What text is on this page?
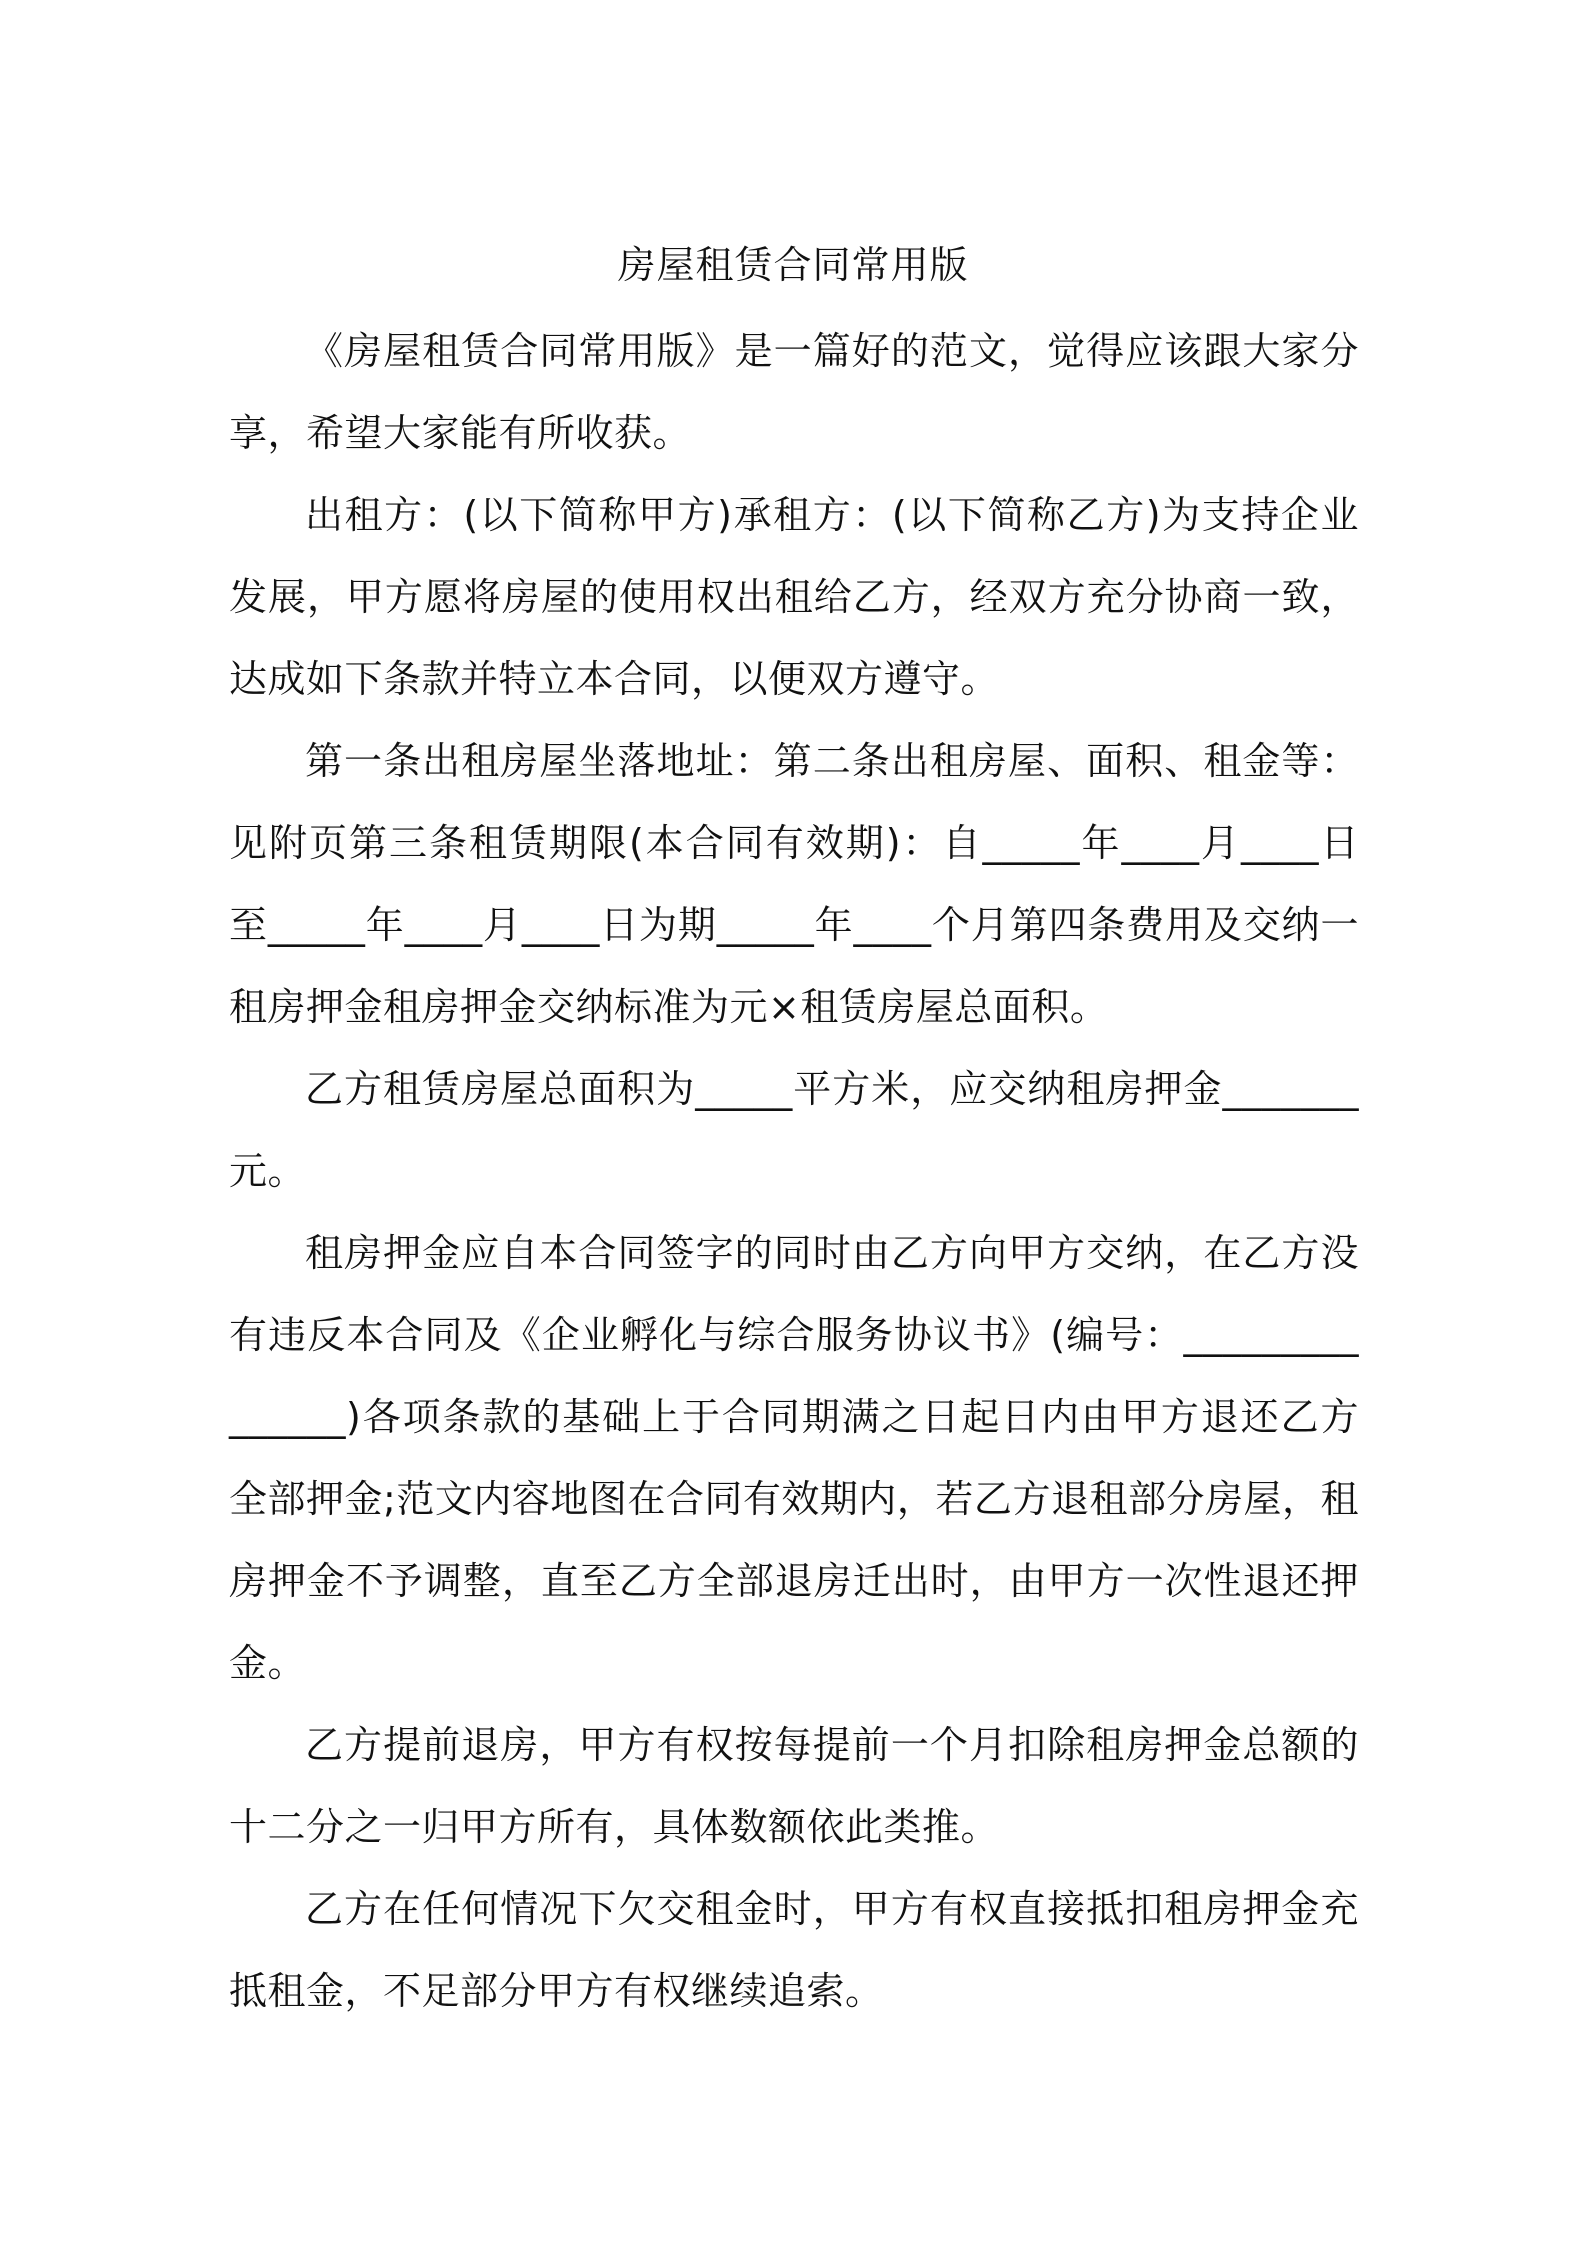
房屋租赁合同常用版

《房屋租赁合同常用版》是一篇好的范文，觉得应该跟大家分享，希望大家能有所收获。

出租方：(以下简称甲方)承租方：(以下简称乙方)为支持企业发展，甲方愿将房屋的使用权出租给乙方，经双方充分协商一致，达成如下条款并特立本合同，以便双方遵守。

第一条出租房屋坐落地址：第二条出租房屋、面积、租金等：见附页第三条租赁期限(本合同有效期)：自_____年____月____日至_____年____月____日为期_____年____个月第四条费用及交纳一租房押金租房押金交纳标准为元×租赁房屋总面积。

乙方租赁房屋总面积为_____平方米，应交纳租房押金_______元。

租房押金应自本合同签字的同时由乙方向甲方交纳，在乙方没有违反本合同及《企业孵化与综合服务协议书》(编号：_______________)各项条款的基础上于合同期满之日起日内由甲方退还乙方全部押金;范文内容地图在合同有效期内，若乙方退租部分房屋，租房押金不予调整，直至乙方全部退房迁出时，由甲方一次性退还押金。

乙方提前退房，甲方有权按每提前一个月扣除租房押金总额的十二分之一归甲方所有，具体数额依此类推。

乙方在任何情况下欠交租金时，甲方有权直接抵扣租房押金充抵租金，不足部分甲方有权继续追索。
